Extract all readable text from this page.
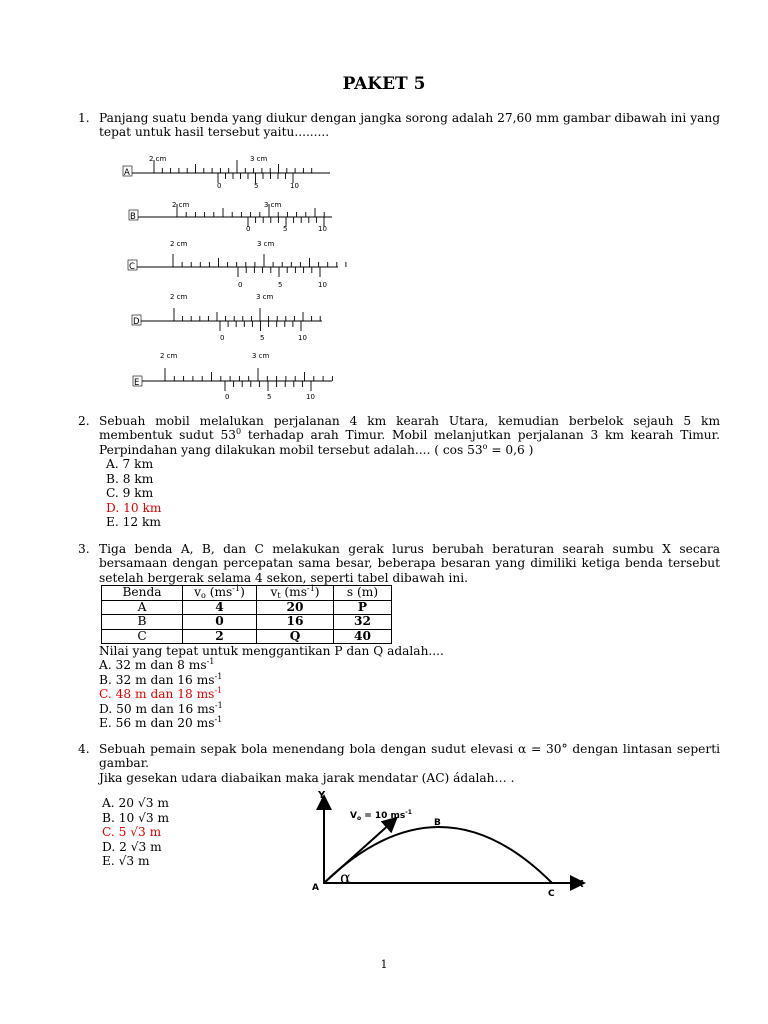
PAKET 5
1. Panjang suatu benda yang diukur dengan jangka sorong adalah 27,60 mm gambar dibawah ini yang tepat untuk hasil tersebut yaitu.........
2 cm	3 cm
A
0	5	10
2 cm	3 cm
B
0	5	10
2 cm	3 cm
C
0	5	10
2 cm	3 cm
D
0	5	10
2 cm	3 cm
E
0	5	10
2. Sebuah mobil melalukan perjalanan 4 km kearah Utara, kemudian berbelok sejauh 5 km membentuk sudut $53^0$ terhadap arah Timur. Mobil melanjutkan perjalanan 3 km kearah Timur. Perpindahan yang dilakukan mobil tersebut adalah.... ( $\cos 53^o = 0,6$ )
A. 7 km
B. 8 km
C. 9 km
D. 10 km
E. 12 km
3. Tiga benda A, B, dan C melakukan gerak lurus berubah beraturan searah sumbu X secara bersamaan dengan percepatan sama besar, beberapa besaran yang dimiliki ketiga benda tersebut setelah bergerak selama 4 sekon, seperti tabel dibawah ini.
Benda	$v_o$ $(ms^{-1})$	$v_t$ $(ms^{-1})$	s (m)
A	4	20	P
B	0	16	32
C	2	Q	40
Nilai yang tepat untuk menggantikan P dan Q adalah....
A. 32 m dan 8 $ms^{-1}$
B. 32 m dan 16 $ms^{-1}$
C. 48 m dan 18 $ms^{-1}$
D. 50 m dan 16 $ms^{-1}$
E. 56 m dan 20 $ms^{-1}$
4. Sebuah pemain sepak bola menendang bola dengan sudut elevasi α = 30° dengan lintasan seperti gambar.
Jika gesekan udara diabaikan maka jarak mendatar (AC) ádalah… .
A. 20 √3 m
B. 10 √3 m
C. 5 √3 m
D. 2 √3 m
E. √3 m
Y
X
A
B
C
α
$V_o = 10$ $ms^{-1}$
1
